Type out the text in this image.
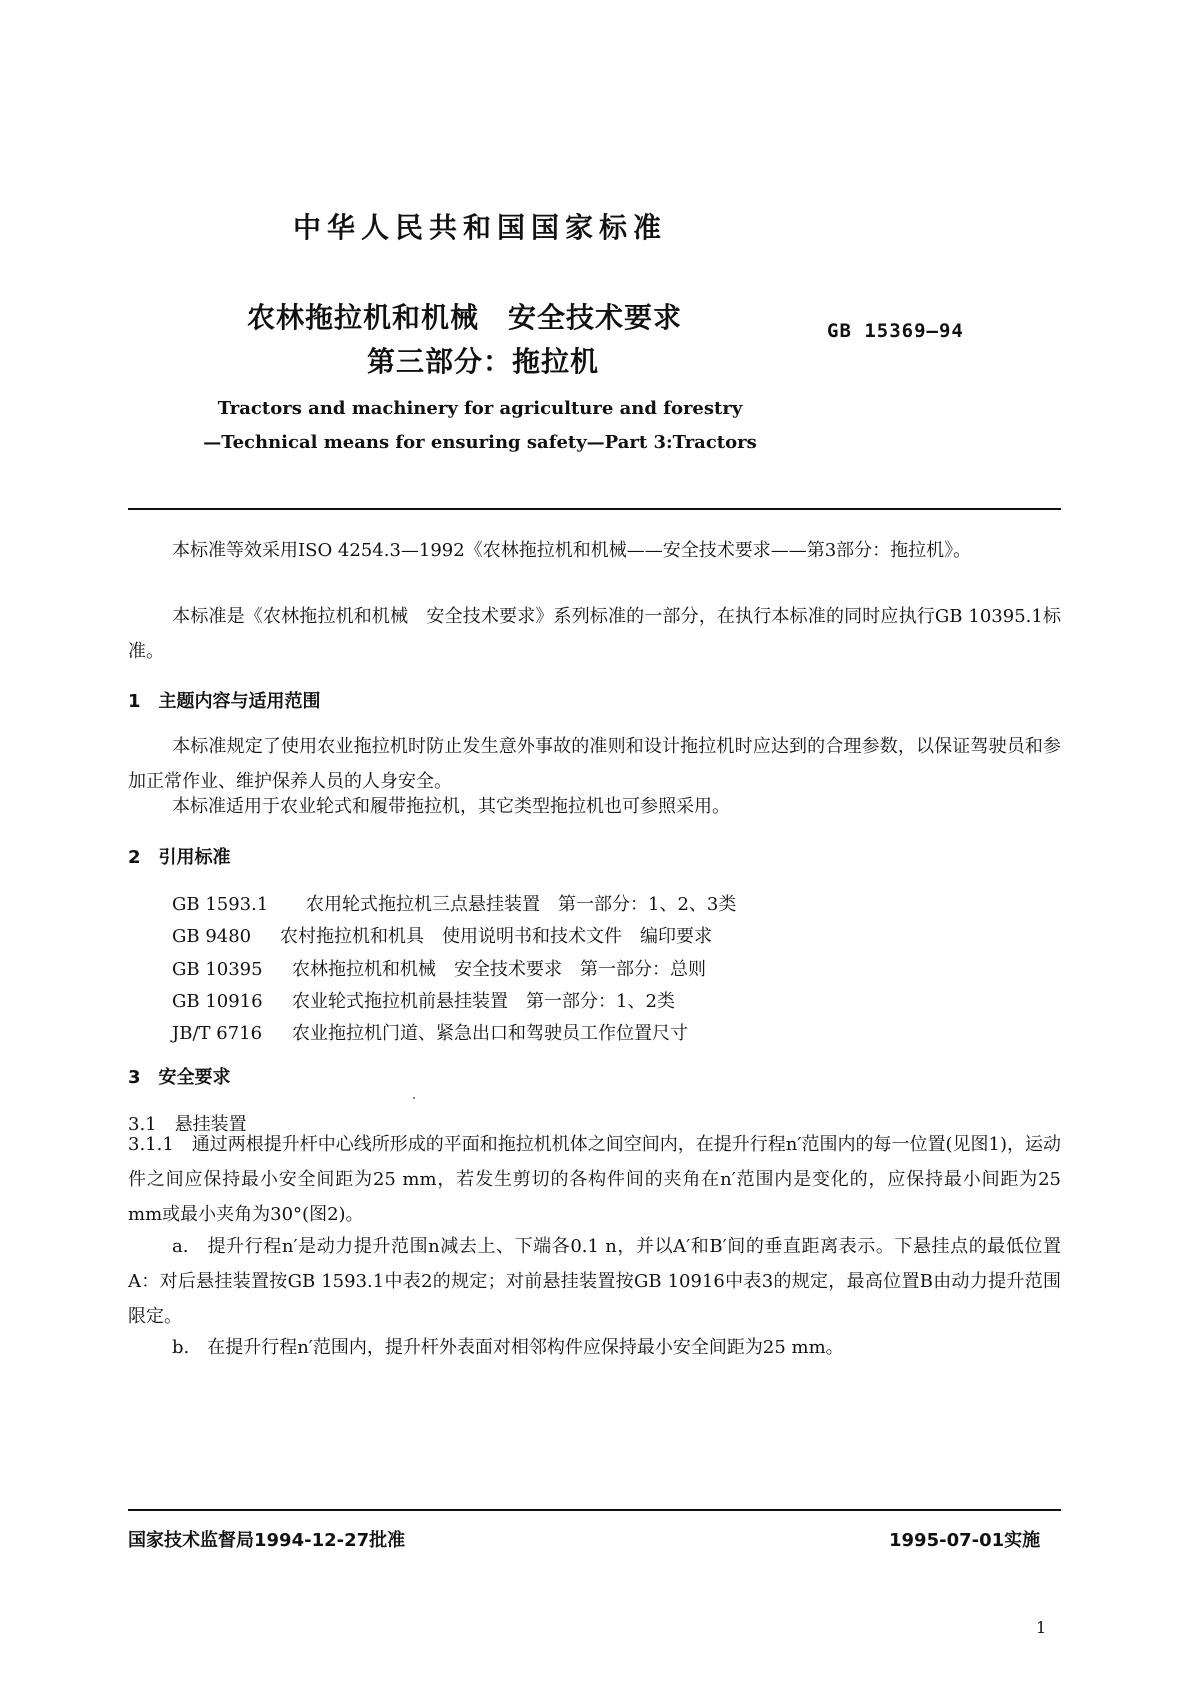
中华人民共和国国家标准
农林拖拉机和机械　安全技术要求
第三部分：拖拉机
GB 15369—94
Tractors and machinery for agriculture and forestry
—Technical means for ensuring safety—Part 3:Tractors

本标准等效采用ISO 4254.3—1992《农林拖拉机和机械——安全技术要求——第3部分：拖拉机》。

本标准是《农林拖拉机和机械　安全技术要求》系列标准的一部分，在执行本标准的同时应执行GB 10395.1标准。

1　主题内容与适用范围

本标准规定了使用农业拖拉机时防止发生意外事故的准则和设计拖拉机时应达到的合理参数，以保证驾驶员和参加正常作业、维护保养人员的人身安全。

本标准适用于农业轮式和履带拖拉机，其它类型拖拉机也可参照采用。

2　引用标准
GB 1593.1 农用轮式拖拉机三点悬挂装置　第一部分：1、2、3类
GB 9480 农村拖拉机和机具　使用说明书和技术文件　编印要求
GB 10395 农林拖拉机和机械　安全技术要求　第一部分：总则
GB 10916 农业轮式拖拉机前悬挂装置　第一部分：1、2类
JB/T 6716 农业拖拉机门道、紧急出口和驾驶员工作位置尺寸
3　安全要求
3.1　悬挂装置

3.1.1　通过两根提升杆中心线所形成的平面和拖拉机机体之间空间内，在提升行程n′范围内的每一位置(见图1)，运动件之间应保持最小安全间距为25 mm，若发生剪切的各构件间的夹角在n′范围内是变化的，应保持最小间距为25 mm或最小夹角为30°(图2)。

a.　提升行程n′是动力提升范围n减去上、下端各0.1 n，并以A′和B′间的垂直距离表示。下悬挂点的最低位置A：对后悬挂装置按GB 1593.1中表2的规定；对前悬挂装置按GB 10916中表3的规定，最高位置B由动力提升范围限定。

b.　在提升行程n′范围内，提升杆外表面对相邻构件应保持最小安全间距为25 mm。

国家技术监督局1994-12-27批准	1995-07-01实施
1
